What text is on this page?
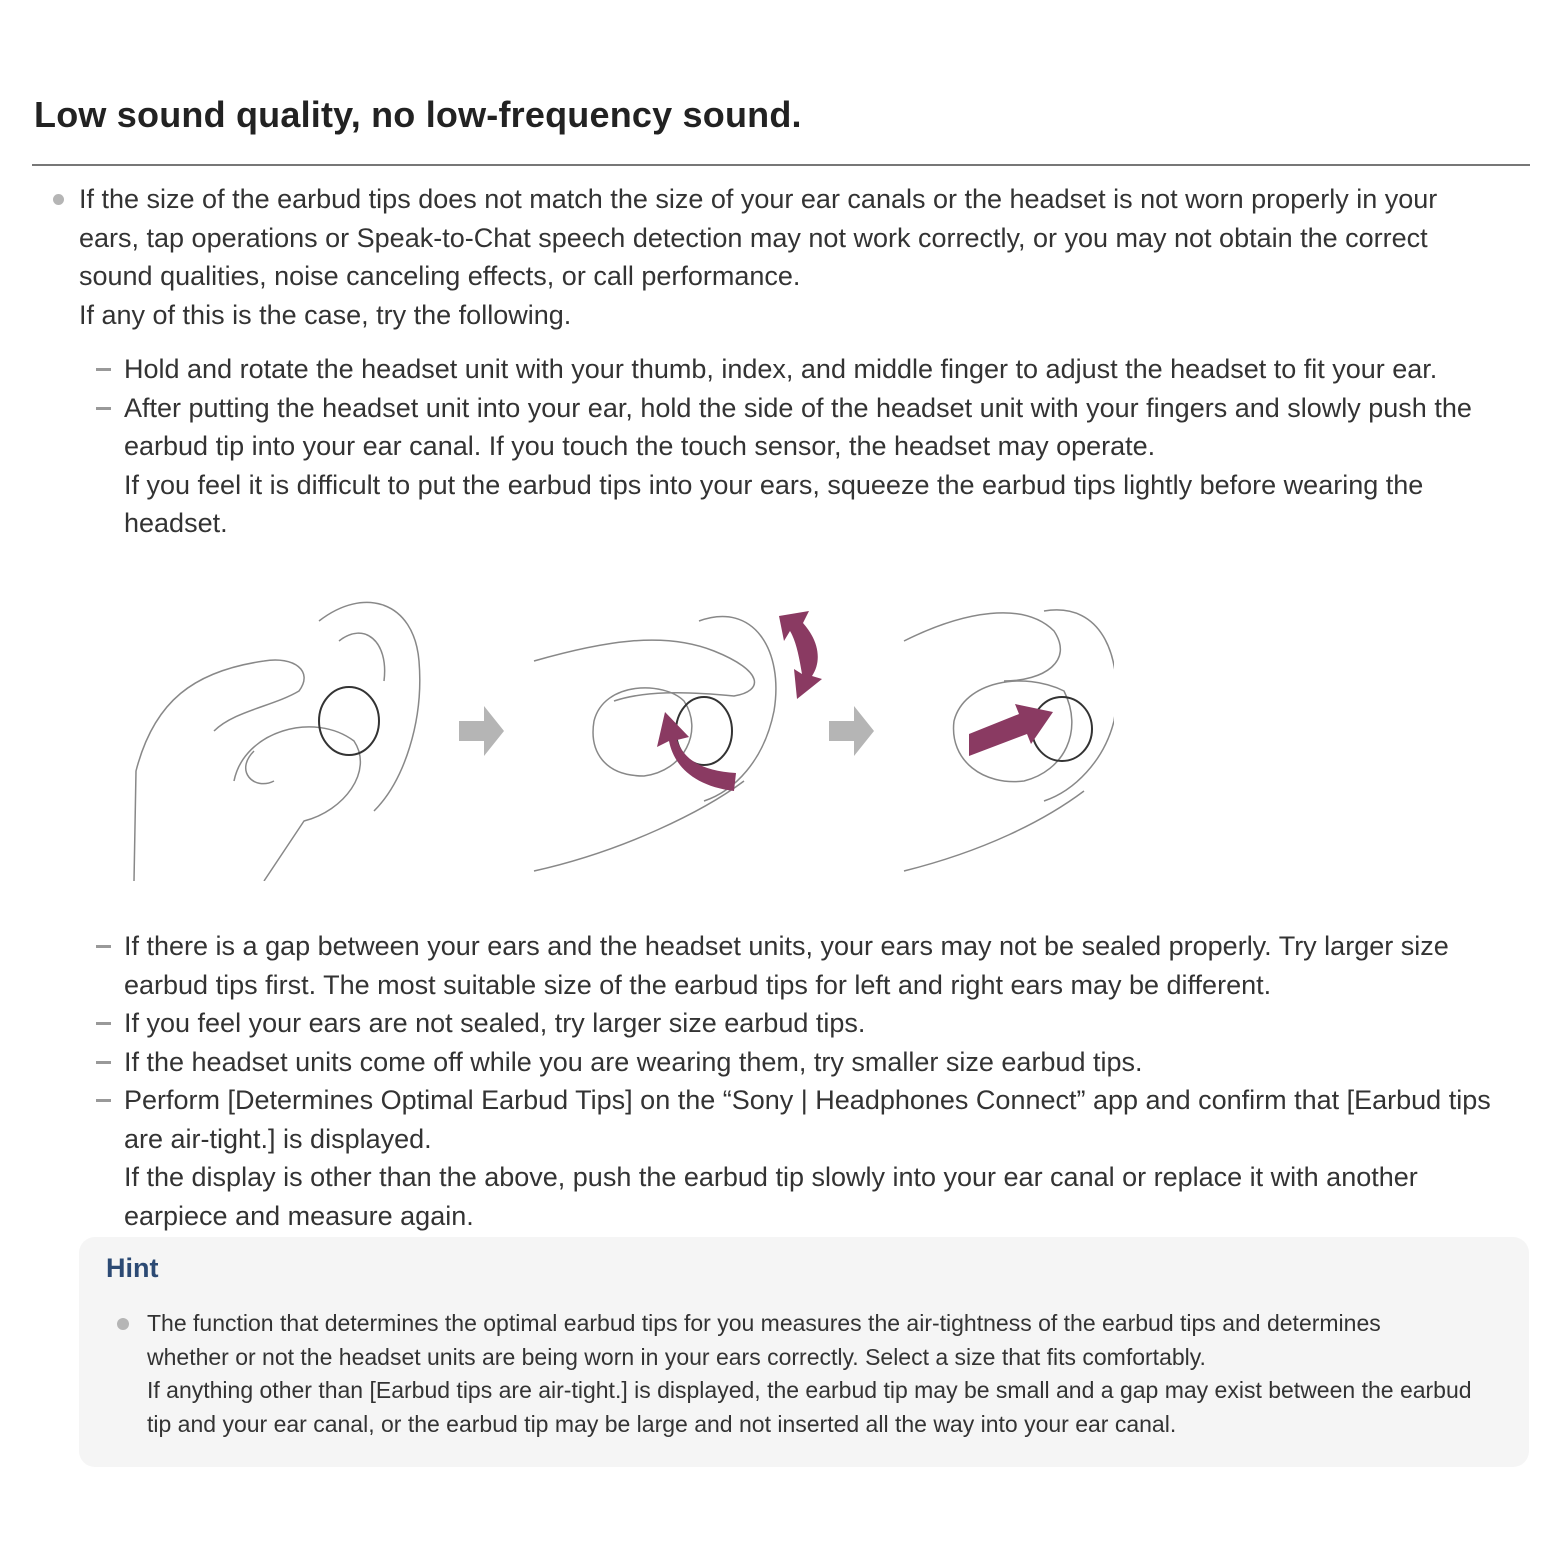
Low sound quality, no low-frequency sound.

If the size of the earbud tips does not match the size of your ear canals or the headset is not worn properly in your ears, tap operations or Speak-to-Chat speech detection may not work correctly, or you may not obtain the correct sound qualities, noise canceling effects, or call performance.

If any of this is the case, try the following.

Hold and rotate the headset unit with your thumb, index, and middle finger to adjust the headset to fit your ear.

After putting the headset unit into your ear, hold the side of the headset unit with your fingers and slowly push the earbud tip into your ear canal. If you touch the touch sensor, the headset may operate.

If you feel it is difficult to put the earbud tips into your ears, squeeze the earbud tips lightly before wearing the headset.

If there is a gap between your ears and the headset units, your ears may not be sealed properly. Try larger size earbud tips first. The most suitable size of the earbud tips for left and right ears may be different.

If you feel your ears are not sealed, try larger size earbud tips.
If the headset units come off while you are wearing them, try smaller size earbud tips.

Perform [Determines Optimal Earbud Tips] on the “Sony | Headphones Connect” app and confirm that [Earbud tips are air-tight.] is displayed.

If the display is other than the above, push the earbud tip slowly into your ear canal or replace it with another earpiece and measure again.

Hint

The function that determines the optimal earbud tips for you measures the air-tightness of the earbud tips and determines whether or not the headset units are being worn in your ears correctly. Select a size that fits comfortably.

If anything other than [Earbud tips are air-tight.] is displayed, the earbud tip may be small and a gap may exist between the earbud tip and your ear canal, or the earbud tip may be large and not inserted all the way into your ear canal.
